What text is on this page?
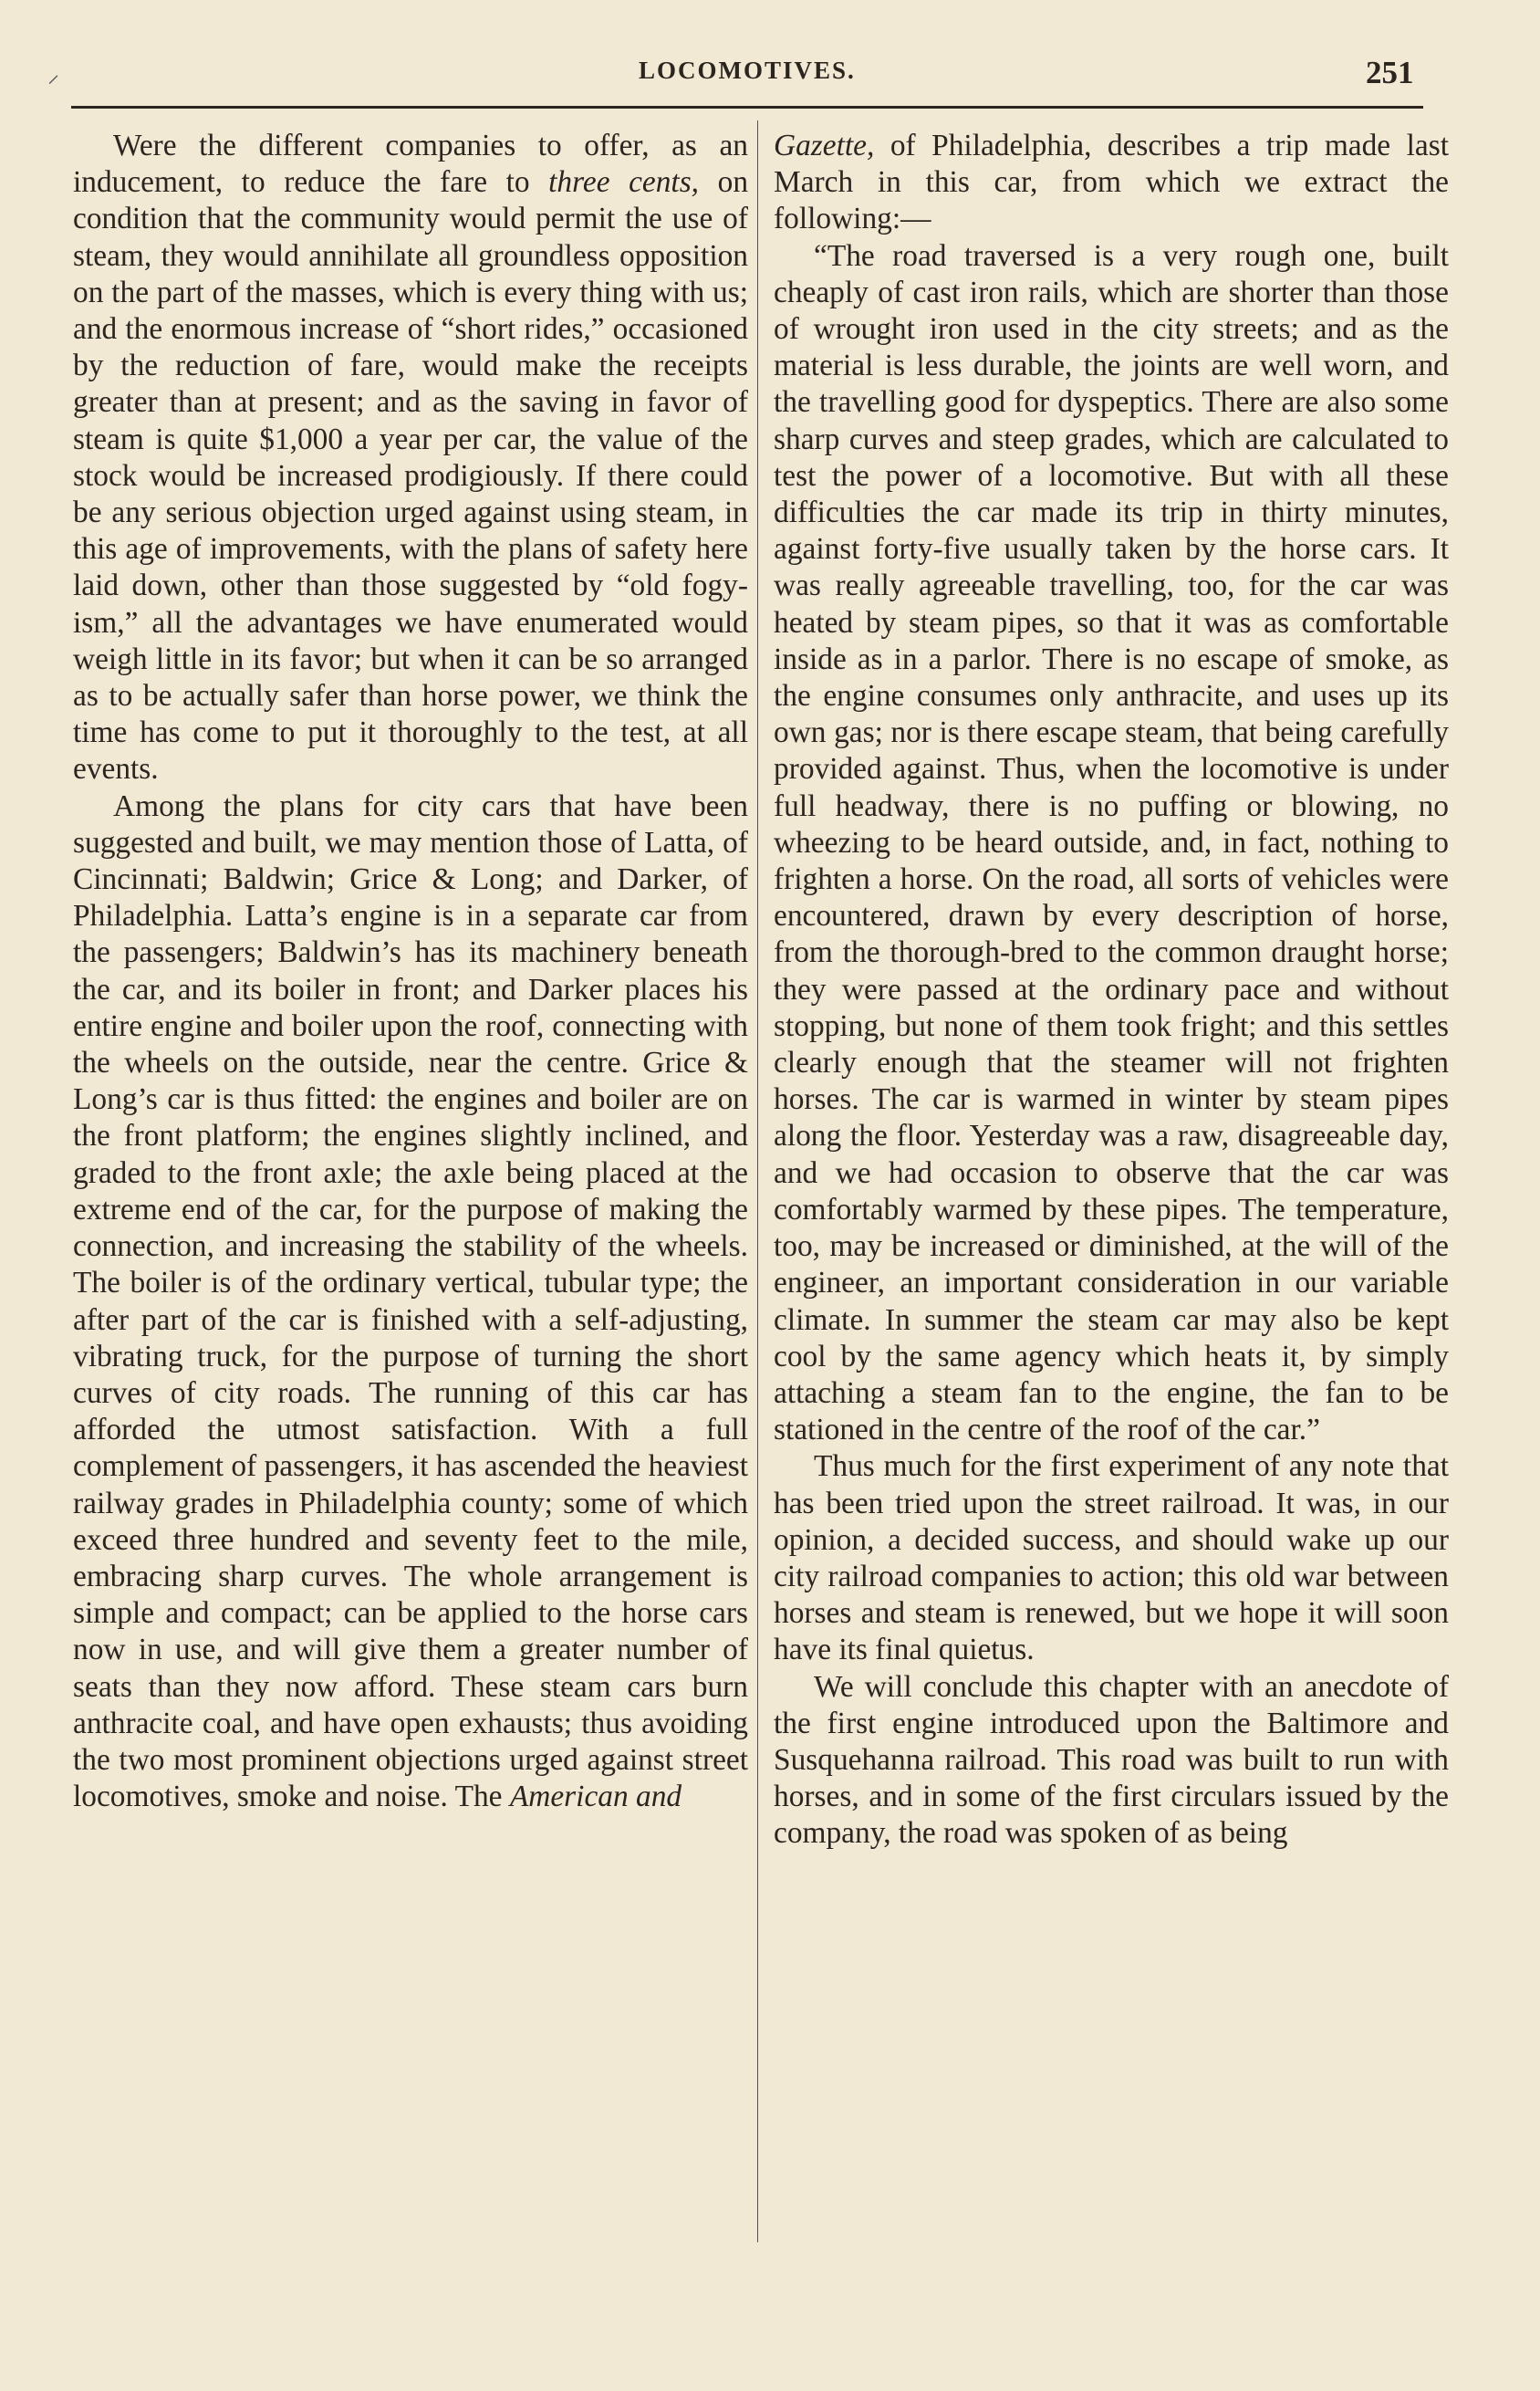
⸝	LOCOMOTIVES.	251

Were the different companies to offer, as an inducement, to reduce the fare to three cents, on condition that the community would permit the use of steam, they would annihilate all groundless opposition on the part of the masses, which is every thing with us; and the enormous increase of “short rides,” occasioned by the reduction of fare, would make the receipts greater than at present; and as the saving in favor of steam is quite $1,000 a year per car, the value of the stock would be increased prodigiously. If there could be any serious objection urged against using steam, in this age of improvements, with the plans of safety here laid down, other than those suggested by “old fogyism,” all the advantages we have enumerated would weigh little in its favor; but when it can be so arranged as to be actually safer than horse power, we think the time has come to put it thoroughly to the test, at all events.

Among the plans for city cars that have been suggested and built, we may mention those of Latta, of Cincinnati; Baldwin; Grice & Long; and Darker, of Philadelphia. Latta’s engine is in a separate car from the passengers; Baldwin’s has its machinery beneath the car, and its boiler in front; and Darker places his entire engine and boiler upon the roof, connecting with the wheels on the outside, near the centre. Grice & Long’s car is thus fitted: the engines and boiler are on the front platform; the engines slightly inclined, and graded to the front axle; the axle being placed at the extreme end of the car, for the purpose of making the connection, and increasing the stability of the wheels. The boiler is of the ordinary vertical, tubular type; the after part of the car is finished with a self-adjusting, vibrating truck, for the purpose of turning the short curves of city roads. The running of this car has afforded the utmost satisfaction. With a full complement of passengers, it has ascended the heaviest railway grades in Philadelphia county; some of which exceed three hundred and seventy feet to the mile, embracing sharp curves. The whole arrangement is simple and compact; can be applied to the horse cars now in use, and will give them a greater number of seats than they now afford. These steam cars burn anthracite coal, and have open exhausts; thus avoiding the two most prominent objections urged against street locomotives, smoke and noise. The American and

Gazette, of Philadelphia, describes a trip made last March in this car, from which we extract the following:—

“The road traversed is a very rough one, built cheaply of cast iron rails, which are shorter than those of wrought iron used in the city streets; and as the material is less durable, the joints are well worn, and the travelling good for dyspeptics. There are also some sharp curves and steep grades, which are calculated to test the power of a locomotive. But with all these difficulties the car made its trip in thirty minutes, against forty-five usually taken by the horse cars. It was really agreeable travelling, too, for the car was heated by steam pipes, so that it was as comfortable inside as in a parlor. There is no escape of smoke, as the engine consumes only anthracite, and uses up its own gas; nor is there escape steam, that being carefully provided against. Thus, when the locomotive is under full headway, there is no puffing or blowing, no wheezing to be heard outside, and, in fact, nothing to frighten a horse. On the road, all sorts of vehicles were encountered, drawn by every description of horse, from the thorough-bred to the common draught horse; they were passed at the ordinary pace and without stopping, but none of them took fright; and this settles clearly enough that the steamer will not frighten horses. The car is warmed in winter by steam pipes along the floor. Yesterday was a raw, disagreeable day, and we had occasion to observe that the car was comfortably warmed by these pipes. The temperature, too, may be increased or diminished, at the will of the engineer, an important consideration in our variable climate. In summer the steam car may also be kept cool by the same agency which heats it, by simply attaching a steam fan to the engine, the fan to be stationed in the centre of the roof of the car.”

Thus much for the first experiment of any note that has been tried upon the street railroad. It was, in our opinion, a decided success, and should wake up our city railroad companies to action; this old war between horses and steam is renewed, but we hope it will soon have its final quietus.

We will conclude this chapter with an anecdote of the first engine introduced upon the Baltimore and Susquehanna railroad. This road was built to run with horses, and in some of the first circulars issued by the company, the road was spoken of as being
